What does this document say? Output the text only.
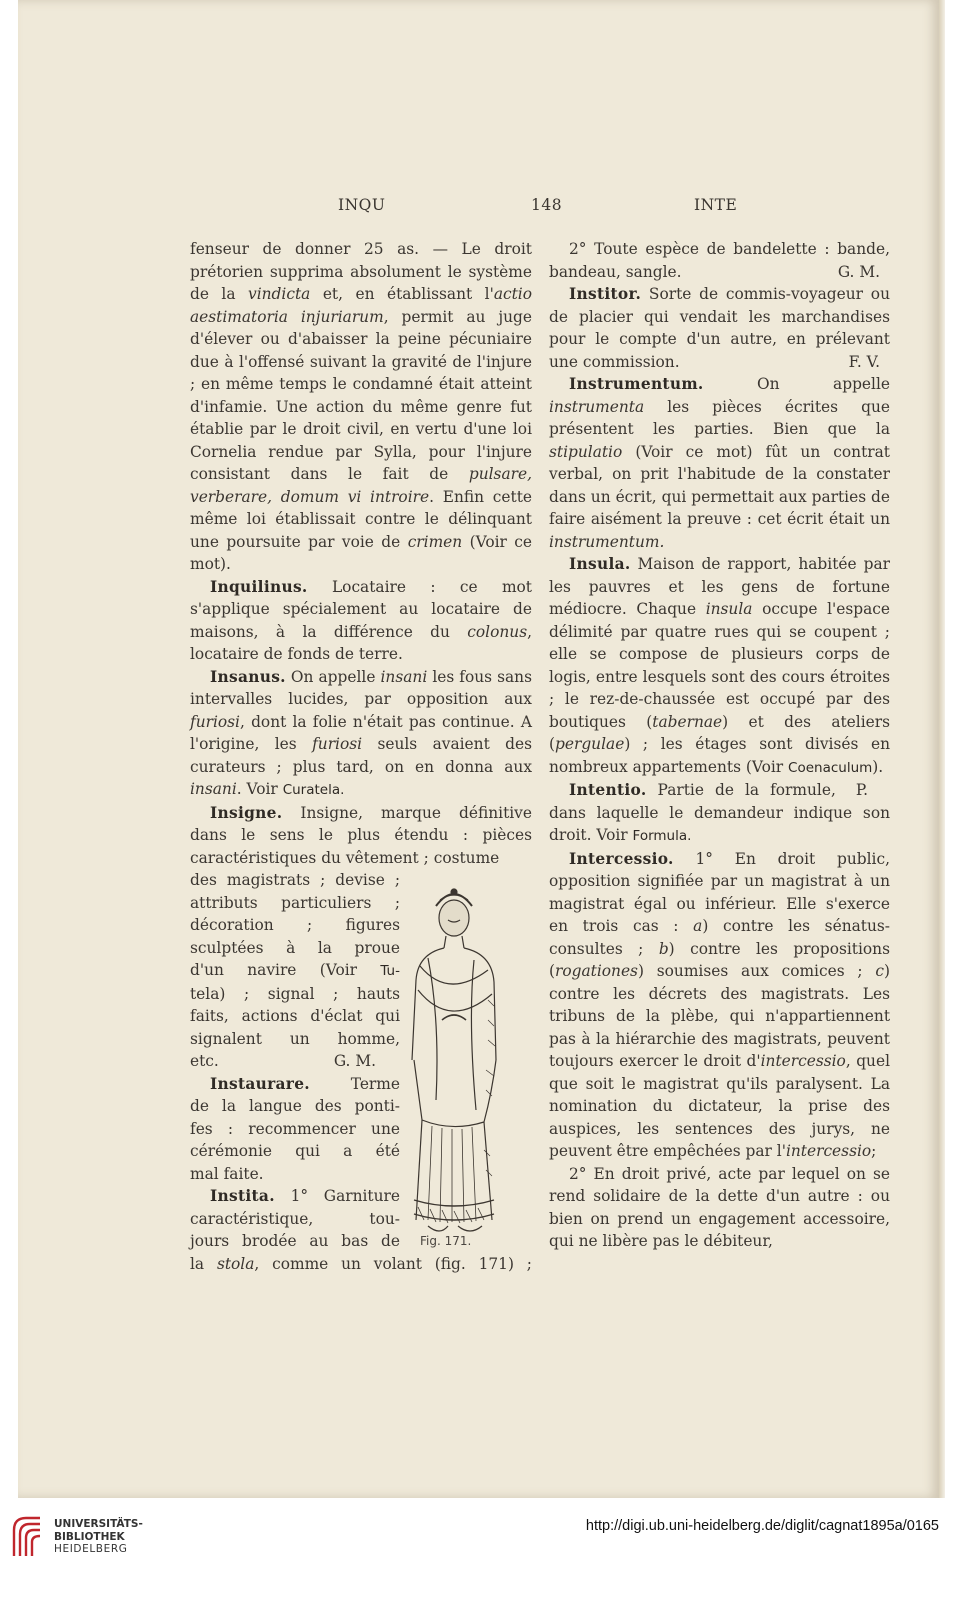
INQU	148	INTE

fenseur de donner 25 as. — Le droit prétorien supprima absolument le système de la vindicta et, en établissant l'actio aestimatoria injuriarum, permit au juge d'élever ou d'abaisser la peine pécuniaire due à l'offensé suivant la gravité de l'injure ; en même temps le condamné était atteint d'infamie. Une action du même genre fut établie par le droit civil, en vertu d'une loi Cornelia rendue par Sylla, pour l'injure consistant dans le fait de pulsare, verberare, domum vi introire. Enfin cette même loi établissait contre le délinquant une poursuite par voie de crimen (Voir ce mot).

Inquilinus. Locataire : ce mot s'applique spécialement au locataire de maisons, à la différence du colonus, locataire de fonds de terre.

Insanus. On appelle insani les fous sans intervalles lucides, par opposition aux furiosi, dont la folie n'était pas continue. A l'origine, les furiosi seuls avaient des curateurs ; plus tard, on en donna aux insani. Voir Curatela.

Insigne. Insigne, marque définitive dans le sens le plus étendu : pièces caractéristiques du vêtement ; costume

des magistrats ; devise ;

attributs particuliers ;

décoration ; figures

sculptées à la proue

d'un navire (Voir Tu-

tela) ; signal ; hauts

faits, actions d'éclat qui

signalent un homme,

etc.	G. M.

Instaurare.	Terme

de la langue des ponti-

fes : recommencer une

cérémonie qui a été

mal faite.

Instita. 1° Garniture

caractéristique, tou-

jours brodée au bas de

la stola, comme un volant (fig. 171) ;

Fig. 171.

2° Toute espèce de bandelette : bande, bandeau, sangle.	G. M.

Institor. Sorte de commis-voyageur ou de placier qui vendait les marchandises pour le compte d'un autre, en prélevant une commission.	F. V.

Instrumentum.	On appelle instrumenta les pièces écrites que présentent les parties. Bien que la stipulatio (Voir ce mot) fût un contrat verbal, on prit l'habitude de la constater dans un écrit, qui permettait aux parties de faire aisément la preuve : cet écrit était un instrumentum.

Insula. Maison de rapport, habitée par les pauvres et les gens de fortune médiocre. Chaque insula occupe l'espace délimité par quatre rues qui se coupent ; elle se compose de plusieurs corps de logis, entre lesquels sont des cours étroites ; le rez-de-chaussée est occupé par des boutiques (tabernae) et des ateliers (pergulae) ; les étages sont divisés en nombreux appartements (Voir Coenaculum).
P.

Intentio. Partie de la formule, dans laquelle le demandeur indique son droit. Voir Formula.

Intercessio. 1° En droit public, opposition signifiée par un magistrat à un magistrat égal ou inférieur. Elle s'exerce en trois cas : a) contre les sénatus-consultes ; b) contre les propositions (rogationes) soumises aux comices ; c) contre les décrets des magistrats. Les tribuns de la plèbe, qui n'appartiennent pas à la hiérarchie des magistrats, peuvent toujours exercer le droit d'intercessio, quel que soit le magistrat qu'ils paralysent. La nomination du dictateur, la prise des auspices, les sentences des jurys, ne peuvent être empêchées par l'intercessio;

2° En droit privé, acte par lequel on se rend solidaire de la dette d'un autre : ou bien on prend un engagement accessoire, qui ne libère pas le débiteur,

UNIVERSITÄTS-
BIBLIOTHEK
HEIDELBERG
http://digi.ub.uni-heidelberg.de/diglit/cagnat1895a/0165
